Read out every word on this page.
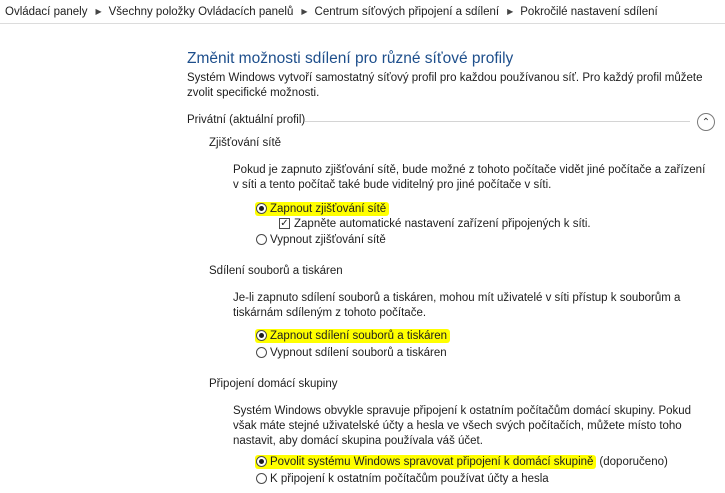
Ovládací panely ▶ Všechny položky Ovládacích panelů ▶ Centrum síťových připojení a sdílení ▶ Pokročilé nastavení sdílení
Změnit možnosti sdílení pro různé síťové profily
Systém Windows vytvoří samostatný síťový profil pro každou používanou síť. Pro každý profil můžete zvolit specifické možnosti.
Privátní (aktuální profil)	⌃
Zjišťování sítě
Pokud je zapnuto zjišťování sítě, bude možné z tohoto počítače vidět jiné počítače a zařízení v síti a tento počítač také bude viditelný pro jiné počítače v síti.
Zapnout zjišťování sítě
✓ Zapněte automatické nastavení zařízení připojených k síti.
Vypnout zjišťování sítě
Sdílení souborů a tiskáren
Je-li zapnuto sdílení souborů a tiskáren, mohou mít uživatelé v síti přístup k souborům a tiskárnám sdíleným z tohoto počítače.
Zapnout sdílení souborů a tiskáren
Vypnout sdílení souborů a tiskáren
Připojení domácí skupiny
Systém Windows obvykle spravuje připojení k ostatním počítačům domácí skupiny. Pokud však máte stejné uživatelské účty a hesla ve všech svých počítačích, můžete místo toho nastavit, aby domácí skupina používala váš účet.
Povolit systému Windows spravovat připojení k domácí skupině (doporučeno)
K připojení k ostatním počítačům používat účty a hesla
